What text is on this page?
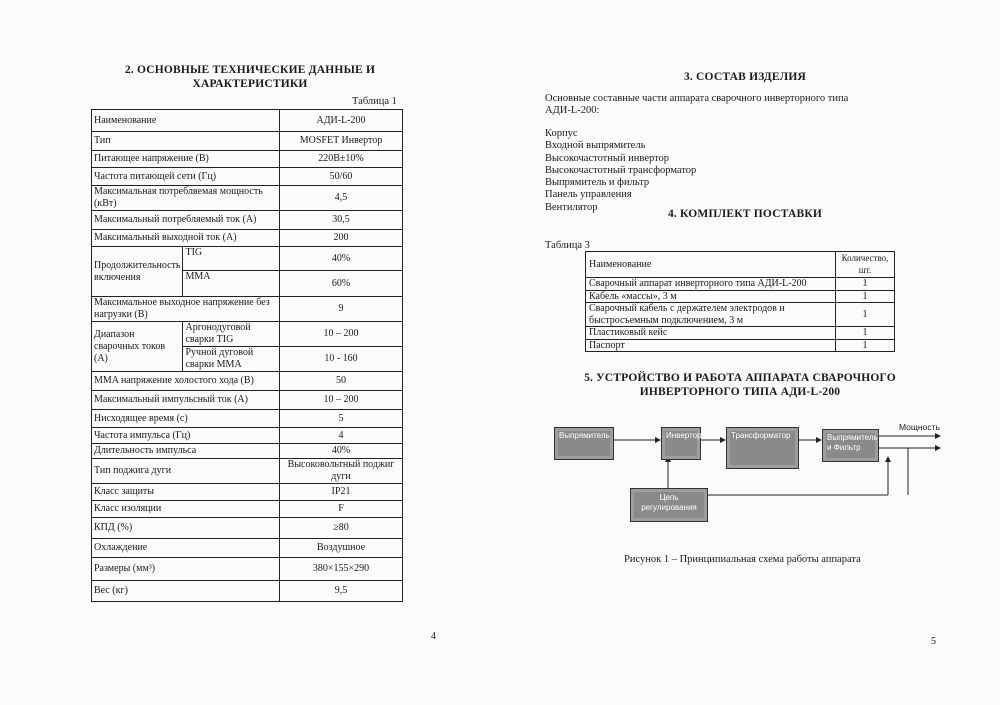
2. ОСНОВНЫЕ ТЕХНИЧЕСКИЕ ДАННЫЕ И ХАРАКТЕРИСТИКИ
Таблица 1
Наименование		АДИ-L-200
Тип		MOSFET Инвертор
Питающее напряжение (В)		220В±10%
Частота питающей сети (Гц)		50/60
Максимальная потребляемая мощность (кВт)		4,5
Максимальный потребляемый ток (А)		30,5
Максимальный выходной ток (А)		200
Продолжительность включения	TIG	40%
	MMA	60%
Максимальное выходное напряжение без нагрузки (В)		9
Диапазон сварочных токов (А)	Аргонодуговой сварки TIG	10 – 200
	Ручной дуговой сварки MMA	10 - 160
MMA напряжение холостого хода (В)		50
Максимальный импульсный ток (А)		10 – 200
Нисходящее время (с)		5
Частота импульса (Гц)		4
Длительность импульса		40%
Тип поджига дуги		Высоковольтный поджиг дуги
Класс защиты		IP21
Класс изоляции		F
КПД (%)		≥80
Охлаждение		Воздушное
Размеры (мм³)		380×155×290
Вес (кг)		9,5
4
3. СОСТАВ ИЗДЕЛИЯ
Основные составные части аппарата сварочного инверторного типа АДИ-L-200:
Корпус
Входной выпрямитель
Высокочастотный инвертор
Высокочастотный трансформатор
Выпрямитель и фильтр
Панель управления
Вентилятор
4. КОМПЛЕКТ ПОСТАВКИ
Таблица 3
Наименование	Количество, шт.
Сварочный аппарат инверторного типа АДИ-L-200	1
Кабель «массы», 3 м	1
Сварочный кабель с держателем электродов и быстросъемным подключением, 3 м	1
Пластиковый кейс	1
Паспорт	1
5. УСТРОЙСТВО И РАБОТА АППАРАТА СВАРОЧНОГО ИНВЕРТОРНОГО ТИПА АДИ-L-200
Выпрямитель	Инвертор	Трансформатор	Выпрямитель и Фильтр
Цепь регулирования
Мощность
Рисунок 1 – Принципиальная схема работы аппарата
5
